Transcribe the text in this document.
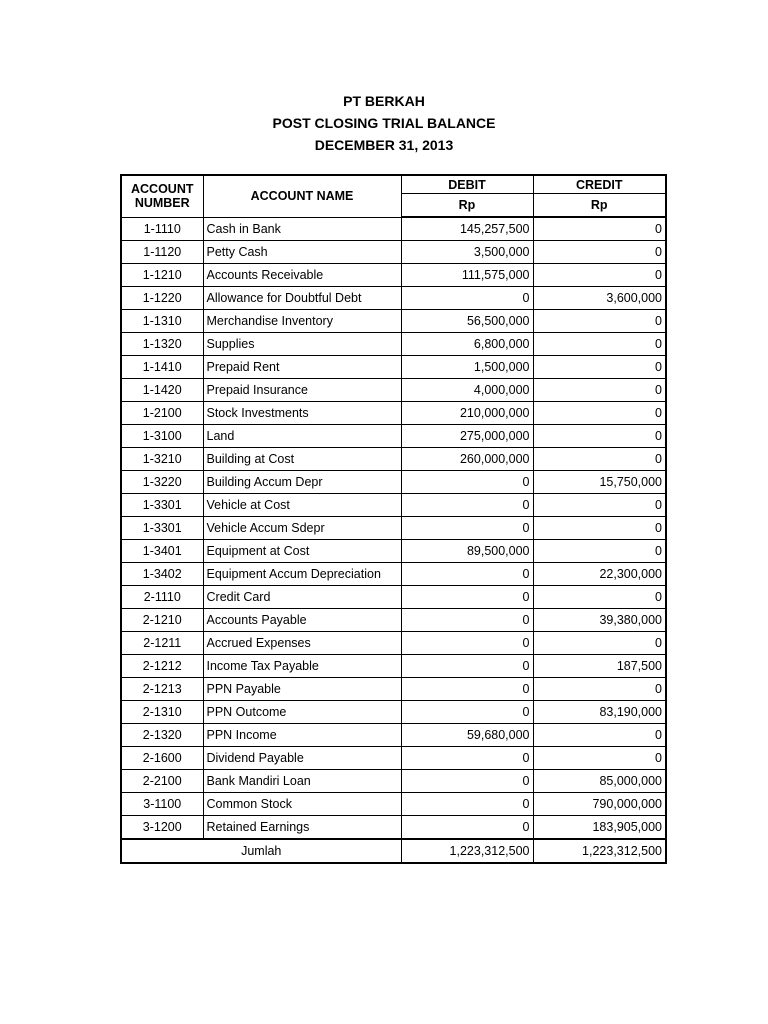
PT BERKAH
POST CLOSING TRIAL BALANCE
DECEMBER 31, 2013
ACCOUNT
NUMBER	ACCOUNT NAME	DEBIT	CREDIT
		Rp	Rp
1-1110	Cash in Bank	145,257,500	0
1-1120	Petty Cash	3,500,000	0
1-1210	Accounts Receivable	111,575,000	0
1-1220	Allowance for Doubtful Debt	0	3,600,000
1-1310	Merchandise Inventory	56,500,000	0
1-1320	Supplies	6,800,000	0
1-1410	Prepaid Rent	1,500,000	0
1-1420	Prepaid Insurance	4,000,000	0
1-2100	Stock Investments	210,000,000	0
1-3100	Land	275,000,000	0
1-3210	Building at Cost	260,000,000	0
1-3220	Building Accum Depr	0	15,750,000
1-3301	Vehicle at Cost	0	0
1-3301	Vehicle Accum Sdepr	0	0
1-3401	Equipment at Cost	89,500,000	0
1-3402	Equipment Accum Depreciation	0	22,300,000
2-1110	Credit Card	0	0
2-1210	Accounts Payable	0	39,380,000
2-1211	Accrued Expenses	0	0
2-1212	Income Tax Payable	0	187,500
2-1213	PPN Payable	0	0
2-1310	PPN Outcome	0	83,190,000
2-1320	PPN Income	59,680,000	0
2-1600	Dividend Payable	0	0
2-2100	Bank Mandiri Loan	0	85,000,000
3-1100	Common Stock	0	790,000,000
3-1200	Retained Earnings	0	183,905,000
Jumlah		1,223,312,500	1,223,312,500
